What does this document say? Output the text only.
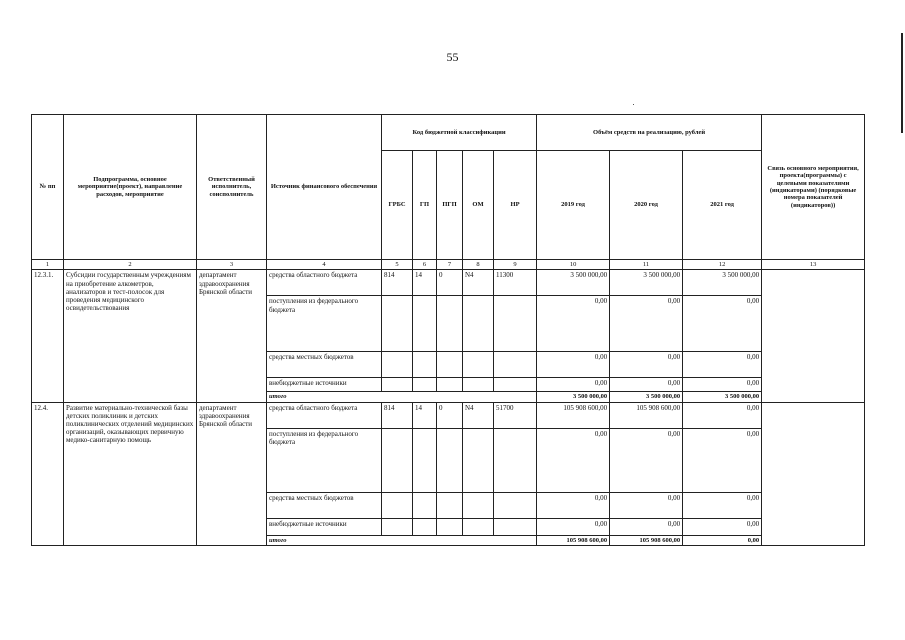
55
№ пп	Подпрограмма, основное мероприятие(проект), направление расходов, мероприятие	Ответственный исполнитель, соисполнитель	Источник финансового обеспечения	Код бюджетной классификации					Объём средств на реализацию, рублей			Связь основного мероприятия, проекта(программы) с целевыми показателями (индикаторами) (порядковые номера показателей (индикаторов))
				ГРБС	ГП	ПГП	ОМ	НР	2019 год	2020 год	2021 год	
1	2	3	4	5	6	7	8	9	10	11	12	13
12.3.1.	Субсидии государственным учреждениям на приобретение алкометров, анализаторов и тест-полосок для проведения медицинского освидетельствования	департамент здравоохранения Брянской области	средства областного бюджета	814	14	0	N4	11300	3 500 000,00	3 500 000,00	3 500 000,00	
			поступления из федерального бюджета						0,00	0,00	0,00	
			средства местных бюджетов						0,00	0,00	0,00	
			внебюджетные источники						0,00	0,00	0,00	
			итого						3 500 000,00	3 500 000,00	3 500 000,00	
12.4.	Развитие материально-технической базы детских поликлиник и детских поликлинических отделений медицинских организаций, оказывающих первичную медико-санитарную помощь	департамент здравоохранения Брянской области	средства областного бюджета	814	14	0	N4	51700	105 908 600,00	105 908 600,00	0,00	
			поступления из федерального бюджета						0,00	0,00	0,00	
			средства местных бюджетов						0,00	0,00	0,00	
			внебюджетные источники						0,00	0,00	0,00	
			итого						105 908 600,00	105 908 600,00	0,00	
